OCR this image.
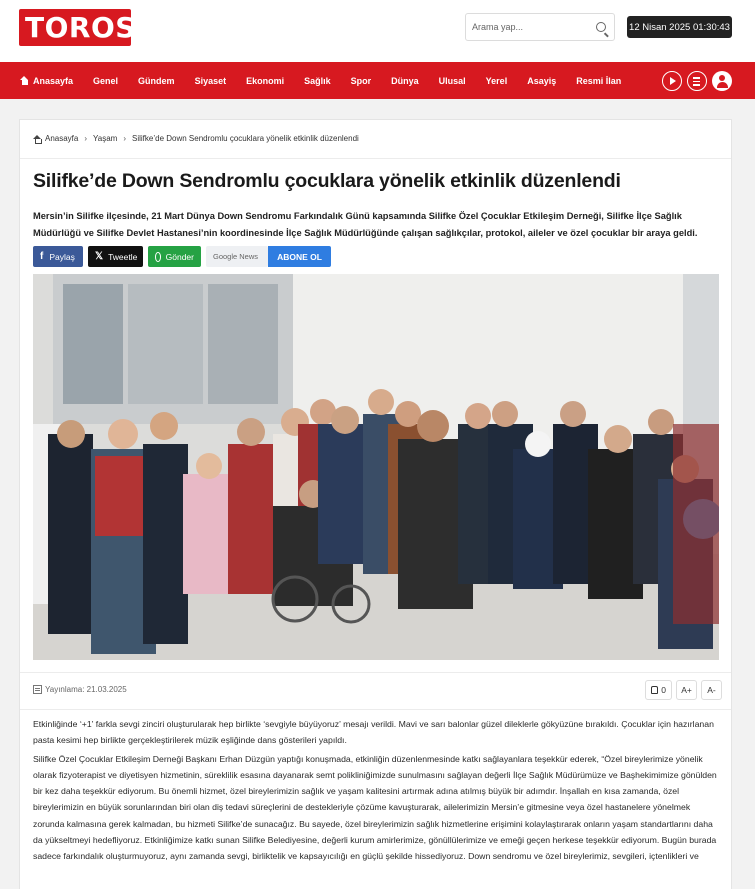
TOROS
Arama yap...	12 Nisan 2025 01:30:43
Anasayfa Genel Gündem Siyaset Ekonomi Sağlık Spor Dünya Ulusal Yerel Asayiş Resmi İlan
Anasayfa › Yaşam › Silifke’de Down Sendromlu çocuklara yönelik etkinlik düzenlendi
Silifke’de Down Sendromlu çocuklara yönelik etkinlik düzenlendi

Mersin’in Silifke ilçesinde, 21 Mart Dünya Down Sendromu Farkındalık Günü kapsamında Silifke Özel Çocuklar Etkileşim Derneği, Silifke İlçe Sağlık Müdürlüğü ve Silifke Devlet Hastanesi’nin koordinesinde İlçe Sağlık Müdürlüğünde çalışan sağlıkçılar, protokol, aileler ve özel çocuklar bir araya geldi.

f Paylaş 𝕏 Tweetle	Gönder	Google News	ABONE OL
Yayınlama: 21.03.2025	0	A+	A-

Etkinliğinde ‘+1’ farkla sevgi zinciri oluşturularak hep birlikte ‘sevgiyle büyüyoruz’ mesajı verildi. Mavi ve sarı balonlar güzel dileklerle gökyüzüne bırakıldı. Çocuklar için hazırlanan pasta kesimi hep birlikte gerçekleştirilerek müzik eşliğinde dans gösterileri yapıldı.

Silifke Özel Çocuklar Etkileşim Derneği Başkanı Erhan Düzgün yaptığı konuşmada, etkinliğin düzenlenmesinde katkı sağlayanlara teşekkür ederek, “Özel bireylerimize yönelik olarak fizyoterapist ve diyetisyen hizmetinin, süreklilik esasına dayanarak semt polikliniğimizde sunulmasını sağlayan değerli İlçe Sağlık Müdürümüze ve Başhekimimize gönülden bir kez daha teşekkür ediyorum. Bu önemli hizmet, özel bireylerimizin sağlık ve yaşam kalitesini artırmak adına atılmış büyük bir adımdır. İnşallah en kısa zamanda, özel bireylerimizin en büyük sorunlarından biri olan diş tedavi süreçlerini de destekleriyle çözüme kavuşturarak, ailelerimizin Mersin’e gitmesine veya özel hastanelere yönelmek zorunda kalmasına gerek kalmadan, bu hizmeti Silifke’de sunacağız. Bu sayede, özel bireylerimizin sağlık hizmetlerine erişimini kolaylaştırarak onların yaşam standartlarını daha da yükseltmeyi hedefliyoruz. Etkinliğimize katkı sunan Silifke Belediyesine, değerli kurum amirlerimize, gönüllülerimize ve emeği geçen herkese teşekkür ediyorum. Bugün burada sadece farkındalık oluşturmuyoruz, aynı zamanda sevgi, birliktelik ve kapsayıcılığı en güçlü şekilde hissediyoruz. Down sendromu ve özel bireylerimiz, sevgileri, içtenlikleri ve
